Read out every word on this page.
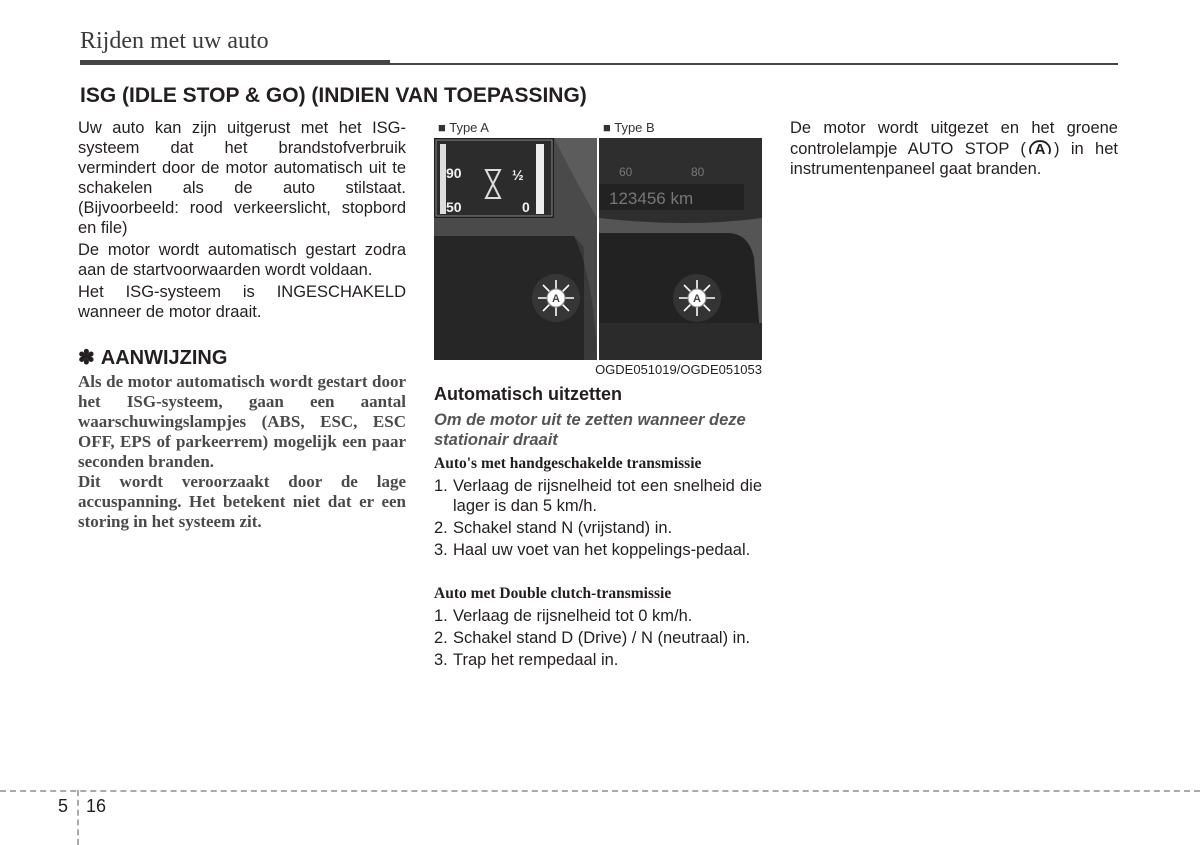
Rijden met uw auto
ISG (IDLE STOP & GO) (INDIEN VAN TOEPASSING)

Uw auto kan zijn uitgerust met het ISG-systeem dat het brandstofverbruik vermindert door de motor automatisch uit te schakelen als de auto stilstaat. (Bijvoorbeeld: rood verkeerslicht, stopbord en file)

De motor wordt automatisch gestart zodra aan de startvoorwaarden wordt voldaan.

Het ISG-systeem is INGESCHAKELD wanneer de motor draait.

✽ AANWIJZING

Als de motor automatisch wordt gestart door het ISG-systeem, gaan een aantal waarschuwingslampjes (ABS, ESC, ESC OFF, EPS of parkeerrem) mogelijk een paar seconden branden.

Dit wordt veroorzaakt door de lage accuspanning. Het betekent niet dat er een storing in het systeem zit.

90
50
½
0
A
■ Type A
60	80
123456 km
A
■ Type B
OGDE051019/OGDE051053
Automatisch uitzetten
Om de motor uit te zetten wanneer deze stationair draait
Auto's met handgeschakelde transmissie
1. Verlaag de rijsnelheid tot een snelheid die lager is dan 5 km/h.
2. Schakel stand N (vrijstand) in.
3. Haal uw voet van het koppelings-pedaal.
Auto met Double clutch-transmissie
1. Verlaag de rijsnelheid tot 0 km/h.
2. Schakel stand D (Drive) / N (neutraal) in.
3. Trap het rempedaal in.

De motor wordt uitgezet en het groene controlelampje AUTO STOP ( A ) in het instrumentenpaneel gaat branden.

5 16
